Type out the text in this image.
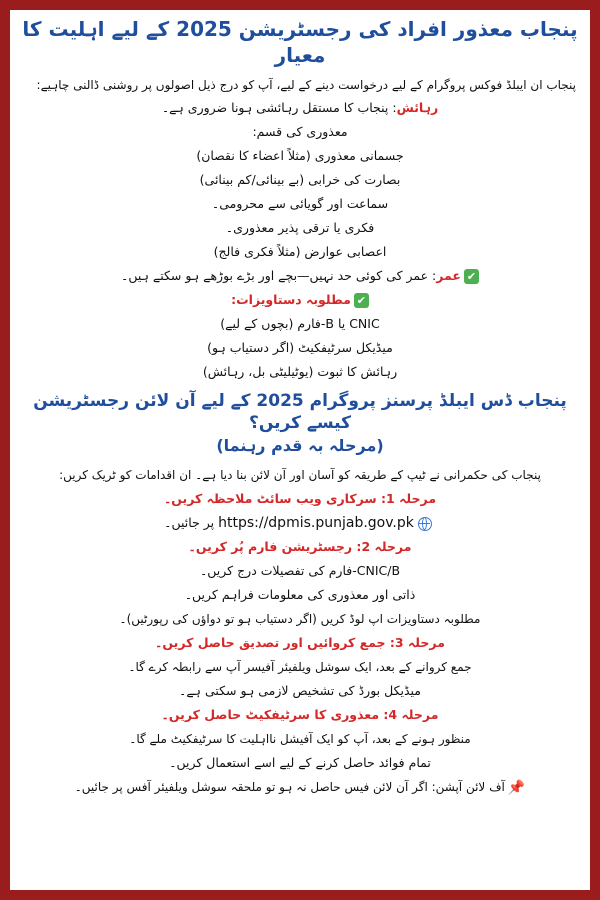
پنجاب معذور افراد کی رجسٹریشن 2025 کے لیے اہلیت کا معیار

پنجاب ان ایبلڈ فوکس پروگرام کے لیے درخواست دینے کے لیے، آپ کو درج ذیل اصولوں پر روشنی ڈالنی چاہیے:

رہائش: پنجاب کا مستقل رہائشی ہونا ضروری ہے۔

معذوری کی قسم:

جسمانی معذوری (مثلاً اعضاء کا نقصان)

بصارت کی خرابی (بے بینائی/کم بینائی)

سماعت اور گویائی سے محرومی۔

فکری یا ترقی پذیر معذوری۔

اعصابی عوارض (مثلاً فکری فالج)

✔عمر: عمر کی کوئی حد نہیں—بچے اور بڑے بوڑھے ہو سکتے ہیں۔

✔مطلوبہ دستاویزات:

CNIC یا B-فارم (بچوں کے لیے)

میڈیکل سرٹیفکیٹ (اگر دستیاب ہو)

رہائش کا ثبوت (یوٹیلیٹی بل، رہائش)

پنجاب ڈس ایبلڈ پرسنز پروگرام 2025 کے لیے آن لائن رجسٹریشن کیسے کریں؟
(مرحلہ بہ قدم رہنما)

پنجاب کی حکمرانی نے ٹیپ کے طریقہ کو آسان اور آن لائن بنا دیا ہے۔ ان اقدامات کو ٹریک کریں:

مرحلہ 1: سرکاری ویب سائٹ ملاحظہ کریں۔

https://dpmis.punjab.gov.pk پر جائیں۔

مرحلہ 2: رجسٹریشن فارم پُر کریں۔

CNIC/B-فارم کی تفصیلات درج کریں۔

ذاتی اور معذوری کی معلومات فراہم کریں۔

مطلوبہ دستاویزات اپ لوڈ کریں (اگر دستیاب ہو تو دواؤں کی رپورٹیں)۔

مرحلہ 3: جمع کروائیں اور تصدیق حاصل کریں۔

جمع کروانے کے بعد، ایک سوشل ویلفیئر آفیسر آپ سے رابطہ کرے گا۔

میڈیکل بورڈ کی تشخیص لازمی ہو سکتی ہے۔

مرحلہ 4: معذوری کا سرٹیفکیٹ حاصل کریں۔

منظور ہونے کے بعد، آپ کو ایک آفیشل نااہلیت کا سرٹیفکیٹ ملے گا۔

تمام فوائد حاصل کرنے کے لیے اسے استعمال کریں۔

📌آف لائن آپشن: اگر آن لائن فیس حاصل نہ ہو تو ملحقہ سوشل ویلفیئر آفس پر جائیں۔
